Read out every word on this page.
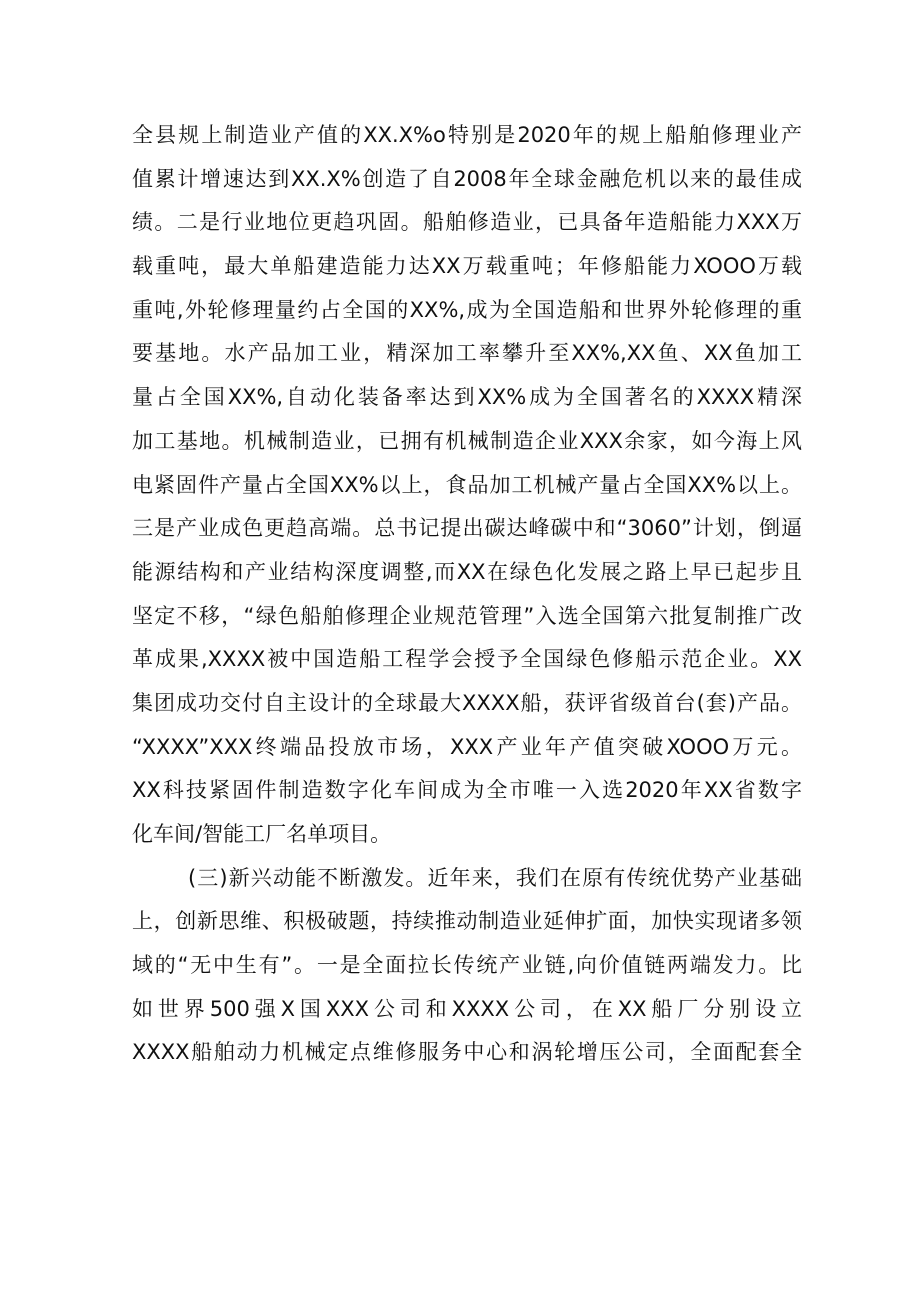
全县规上制造业产值的XX.X%o特别是2020年的规上船舶修理业产
值累计增速达到XX.X%创造了自2008年全球金融危机以来的最佳成
绩。二是行业地位更趋巩固。船舶修造业，已具备年造船能力XXX万
载重吨，最大单船建造能力达XX万载重吨；年修船能力XOOO万载
重吨,外轮修理量约占全国的XX%,成为全国造船和世界外轮修理的重
要基地。水产品加工业，精深加工率攀升至XX%,XX鱼、XX鱼加工
量占全国XX%,自动化装备率达到XX%成为全国著名的XXXX精深
加工基地。机械制造业，已拥有机械制造企业XXX余家，如今海上风
电紧固件产量占全国XX%以上，食品加工机械产量占全国XX%以上。
三是产业成色更趋高端。总书记提出碳达峰碳中和“3060”计划，倒逼
能源结构和产业结构深度调整,而XX在绿色化发展之路上早已起步且
坚定不移，“绿色船舶修理企业规范管理”入选全国第六批复制推广改
革成果,XXXX被中国造船工程学会授予全国绿色修船示范企业。XX
集团成功交付自主设计的全球最大XXXX船，获评省级首台(套)产品。
“XXXX”XXX终端品投放市场，XXX产业年产值突破XOOO万元。
XX科技紧固件制造数字化车间成为全市唯一入选2020年XX省数字
化车间/智能工厂名单项目。
(三)新兴动能不断激发。近年来，我们在原有传统优势产业基础
上，创新思维、积极破题，持续推动制造业延伸扩面，加快实现诸多领
域的“无中生有”。一是全面拉长传统产业链,向价值链两端发力。比
如世界500强X国XXX公司和XXXX公司，在XX船厂分别设立
XXXX船舶动力机械定点维修服务中心和涡轮增压公司，全面配套全
